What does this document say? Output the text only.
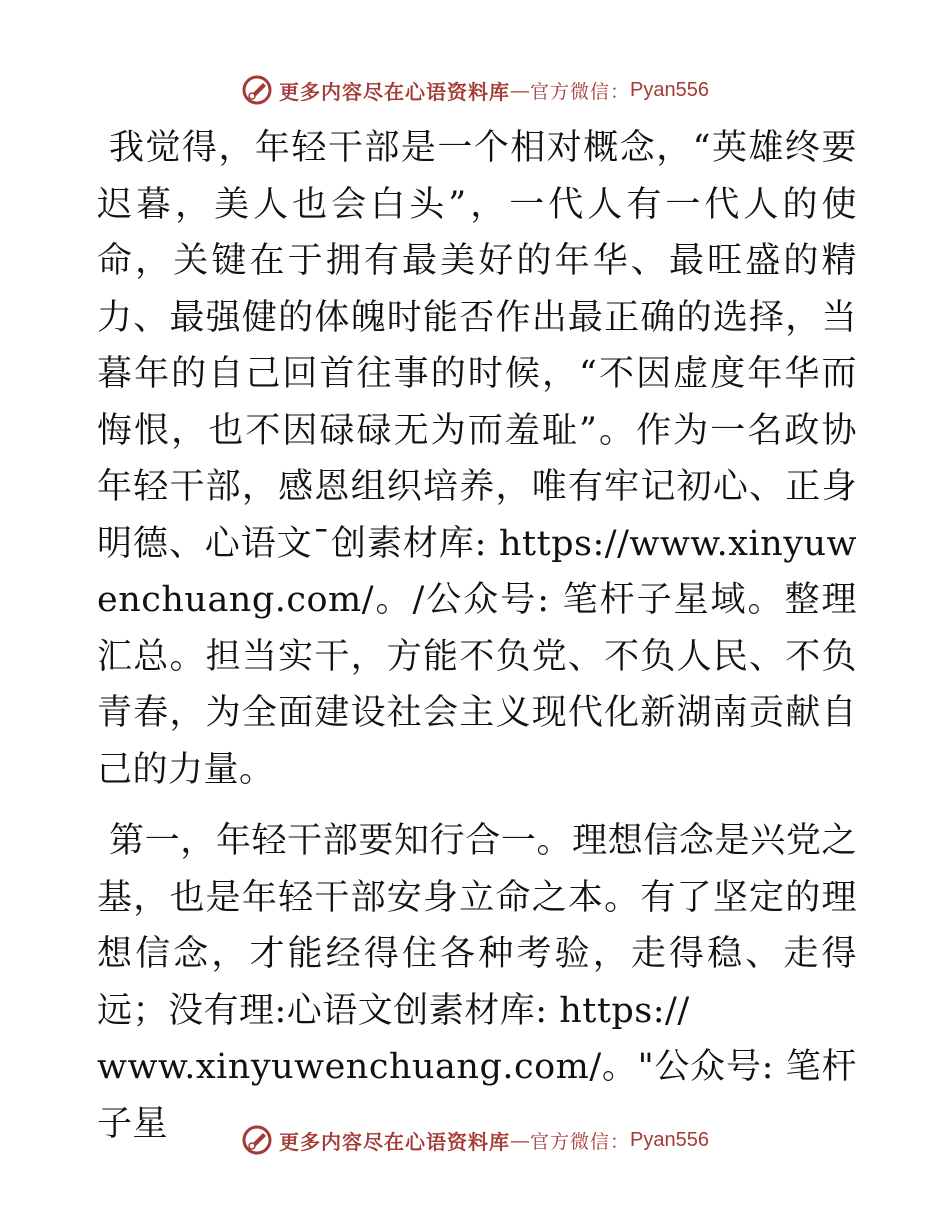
更多内容尽在心语资料库 — 官方微信： Pyan556

我觉得，年轻干部是一个相对概念，“英雄终要迟暮，美人也会白头”，一代人有一代人的使命，关键在于拥有最美好的年华、最旺盛的精力、最强健的体魄时能否作出最正确的选择，当暮年的自己回首往事的时候，“不因虚度年华而悔恨，也不因碌碌无为而羞耻”。作为一名政协年轻干部，感恩组织培养，唯有牢记初心、正身明德、心语文¯创素材库: https://www.xinyuwenchuang.com/。/公众号: 笔杆子星域。整理汇总。担当实干，方能不负党、不负人民、不负青春，为全面建设社会主义现代化新湖南贡献自己的力量。

第一，年轻干部要知行合一。理想信念是兴党之基，也是年轻干部安身立命之本。有了坚定的理想信念，才能经得住各种考验，走得稳、走得远；没有理:心语文创素材库: https://
www.xinyuwenchuang.com/。"公众号: 笔杆子星	更多内容尽在心语资料库 — 官方微信： Pyan556
